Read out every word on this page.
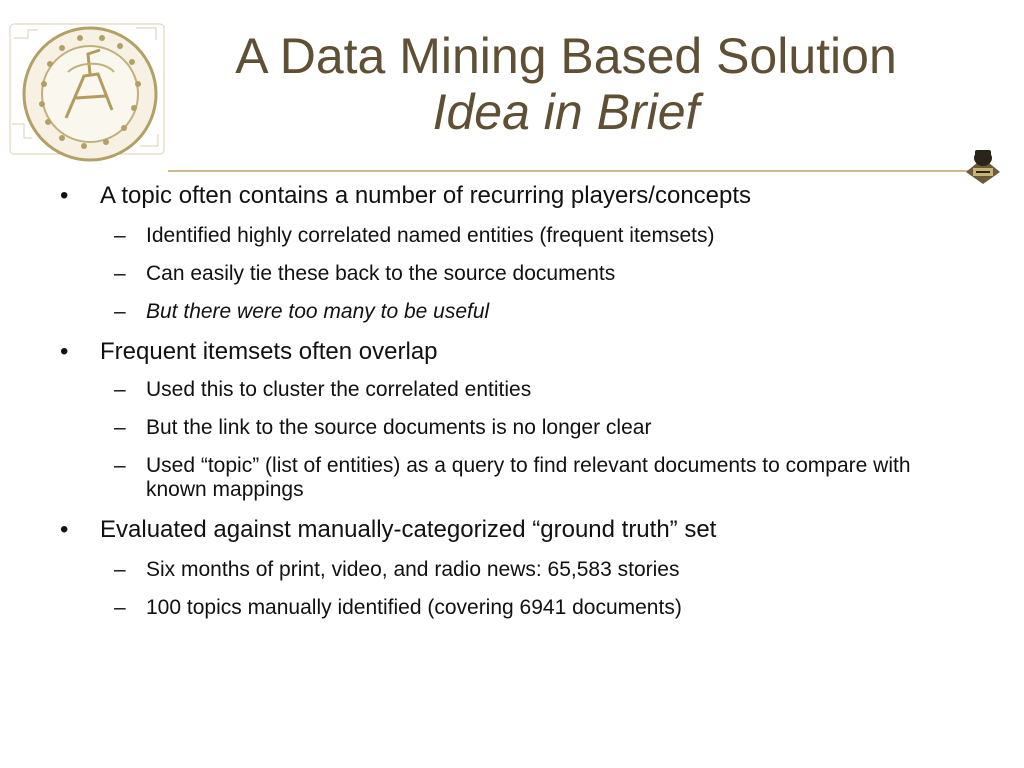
A Data Mining Based Solution
Idea in Brief
• A topic often contains a number of recurring players/concepts
– Identified highly correlated named entities (frequent itemsets)
– Can easily tie these back to the source documents
– But there were too many to be useful
• Frequent itemsets often overlap
– Used this to cluster the correlated entities
– But the link to the source documents is no longer clear
– Used “topic” (list of entities) as a query to find relevant documents to compare with known mappings
• Evaluated against manually-categorized “ground truth” set
– Six months of print, video, and radio news: 65,583 stories
– 100 topics manually identified (covering 6941 documents)
